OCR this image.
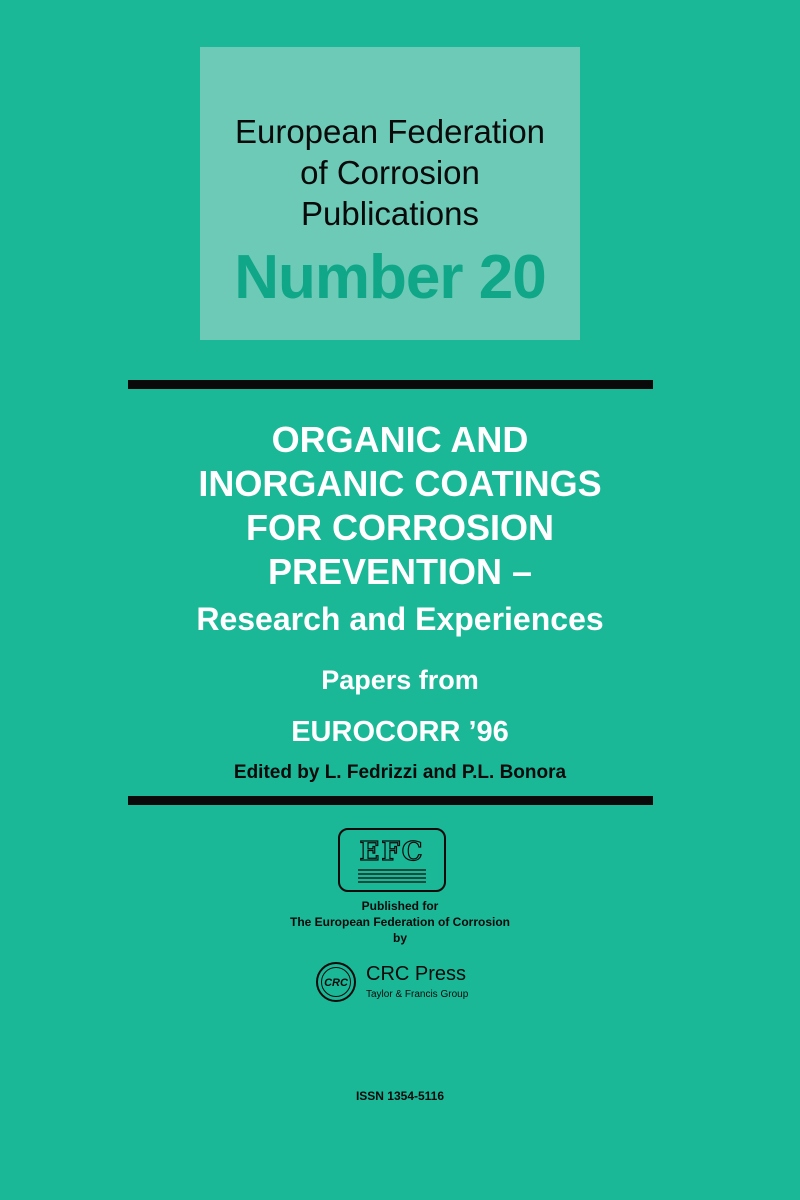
European Federation
of Corrosion
Publications
Number 20
ORGANIC AND
INORGANIC COATINGS
FOR CORROSION
PREVENTION –
Research and Experiences
Papers from
EUROCORR ’96
Edited by L. Fedrizzi and P.L. Bonora
EFC
Published for
The European Federation of Corrosion
by
CRC CRC Press
Taylor & Francis Group
ISSN 1354-5116
